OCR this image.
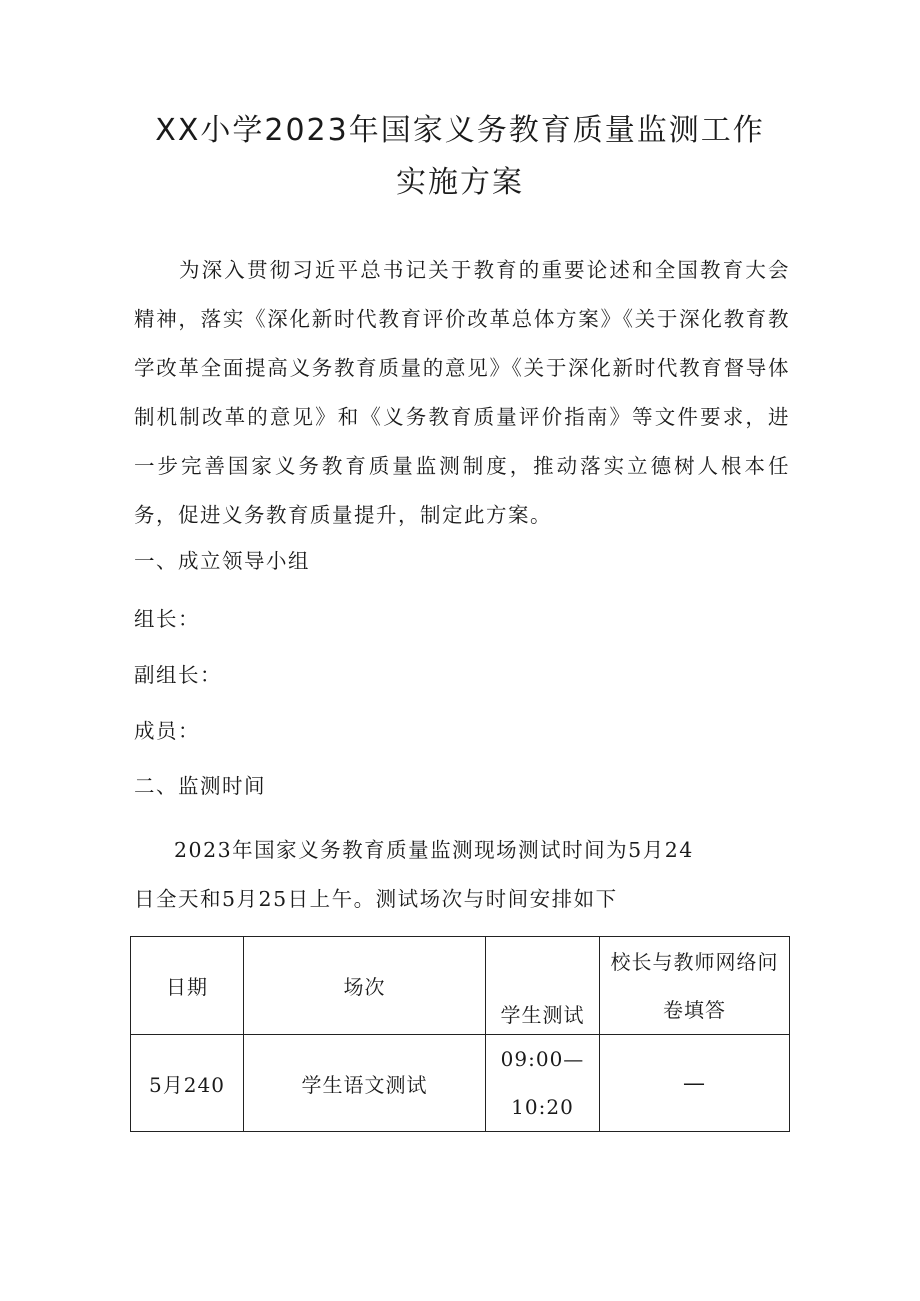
XX小学2023年国家义务教育质量监测工作
实施方案

为深入贯彻习近平总书记关于教育的重要论述和全国教育大会精神，落实《深化新时代教育评价改革总体方案》《关于深化教育教学改革全面提高义务教育质量的意见》《关于深化新时代教育督导体制机制改革的意见》和《义务教育质量评价指南》等文件要求，进一步完善国家义务教育质量监测制度，推动落实立德树人根本任务，促进义务教育质量提升，制定此方案。

一、成立领导小组

组长：

副组长：

成员：

二、监测时间

2023年国家义务教育质量监测现场测试时间为5月24

日全天和5月25日上午。测试场次与时间安排如下

日期	场次	学生测试	校长与教师网络问
卷填答

5月240	学生语文测试	09:00—
10:20	—
